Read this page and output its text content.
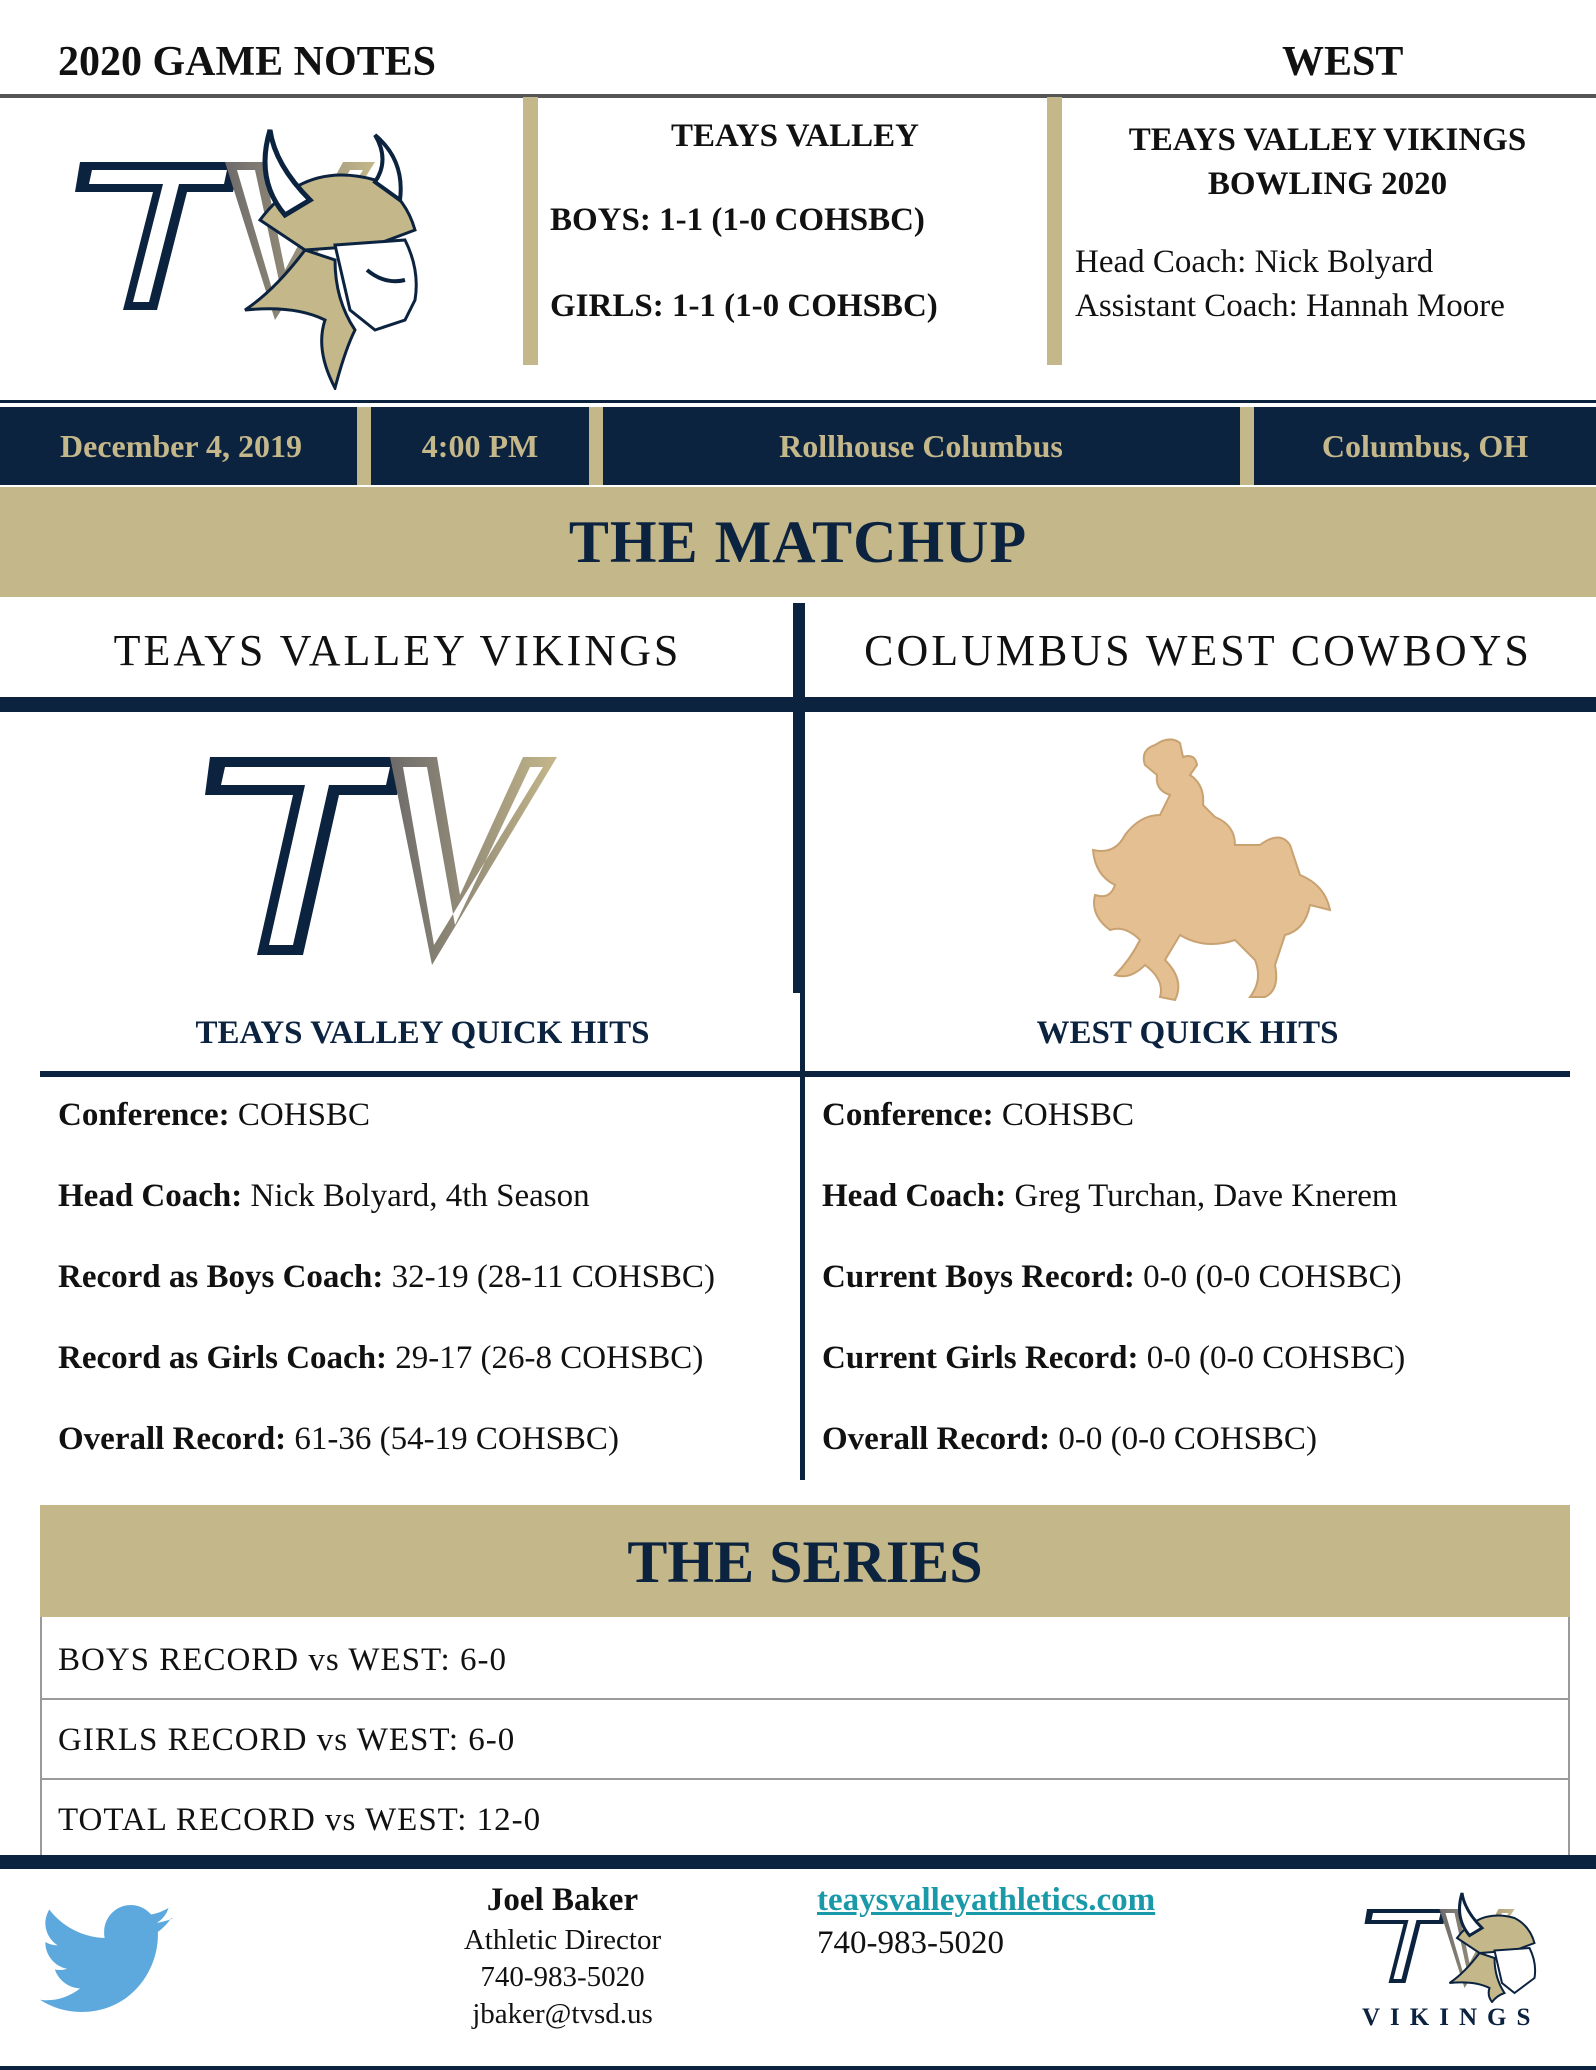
2020 GAME NOTES	WEST
TEAYS VALLEY
BOYS: 1-1 (1-0 COHSBC)
GIRLS: 1-1 (1-0 COHSBC)
TEAYS VALLEY VIKINGS
BOWLING 2020
Head Coach: Nick Bolyard
Assistant Coach: Hannah Moore
December 4, 2019	4:00 PM	Rollhouse Columbus	Columbus, OH
THE MATCHUP
TEAYS VALLEY VIKINGS	COLUMBUS WEST COWBOYS
TEAYS VALLEY QUICK HITS	WEST QUICK HITS
Conference: COHSBC
Head Coach: Nick Bolyard, 4th Season
Record as Boys Coach: 32-19 (28-11 COHSBC)
Record as Girls Coach: 29-17 (26-8 COHSBC)
Overall Record: 61-36 (54-19 COHSBC)
Conference: COHSBC
Head Coach: Greg Turchan, Dave Knerem
Current Boys Record: 0-0 (0-0 COHSBC)
Current Girls Record: 0-0 (0-0 COHSBC)
Overall Record: 0-0 (0-0 COHSBC)
THE SERIES
BOYS RECORD vs WEST: 6-0
GIRLS RECORD vs WEST: 6-0
TOTAL RECORD vs WEST: 12-0
Joel Baker
Athletic Director
740-983-5020
jbaker@tvsd.us
teaysvalleyathletics.com
740-983-5020
VIKINGS
